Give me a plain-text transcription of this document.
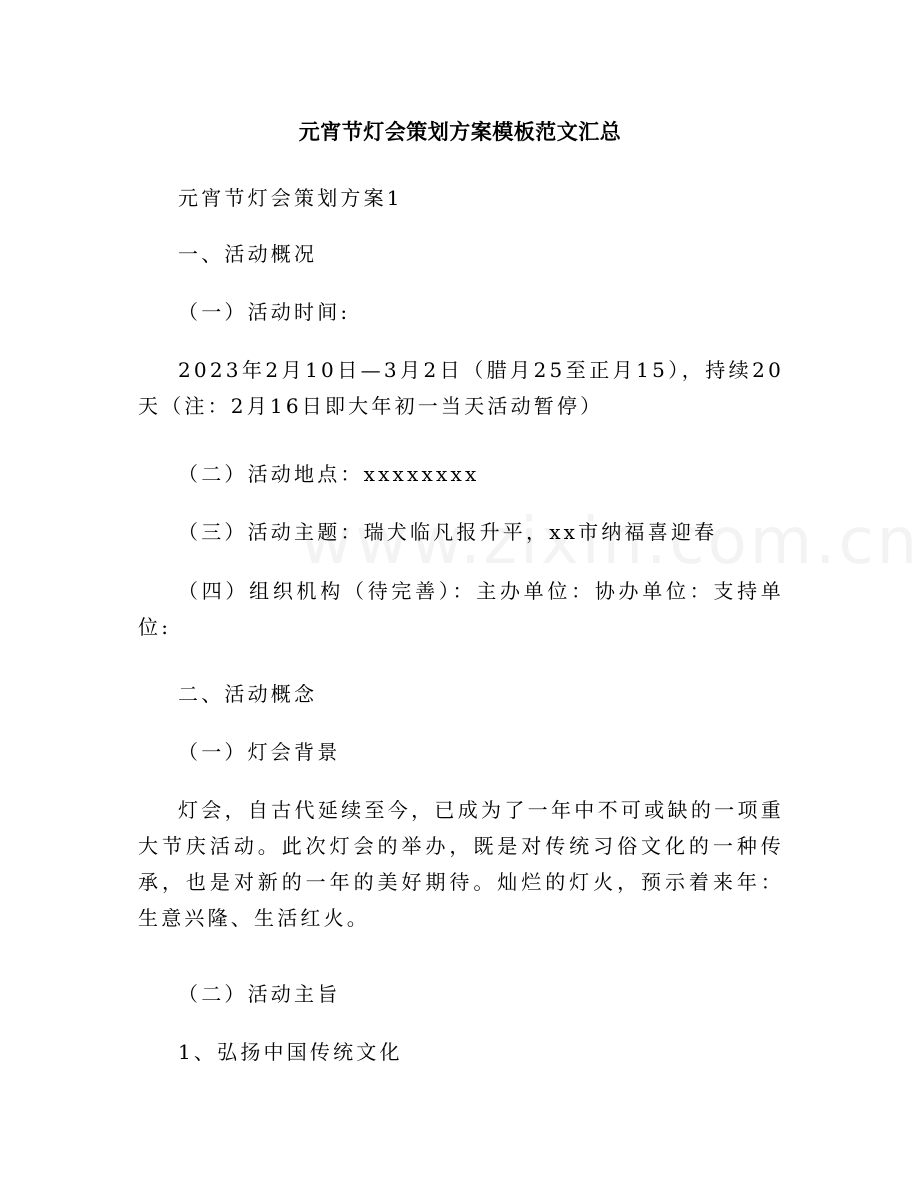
元宵节灯会策划方案模板范文汇总

元宵节灯会策划方案1

一、活动概况

（一）活动时间:

2023年2月10日—3月2日（腊月25至正月15），持续20天（注：2月16日即大年初一当天活动暂停）

（二）活动地点：xxxxxxxx

（三）活动主题：瑞犬临凡报升平，xx市纳福喜迎春

（四）组织机构（待完善）：主办单位：协办单位：支持单位:

二、活动概念

（一）灯会背景

灯会，自古代延续至今，已成为了一年中不可或缺的一项重大节庆活动。此次灯会的举办，既是对传统习俗文化的一种传承，也是对新的一年的美好期待。灿烂的灯火，预示着来年：生意兴隆、生活红火。

（二）活动主旨

1、弘扬中国传统文化
